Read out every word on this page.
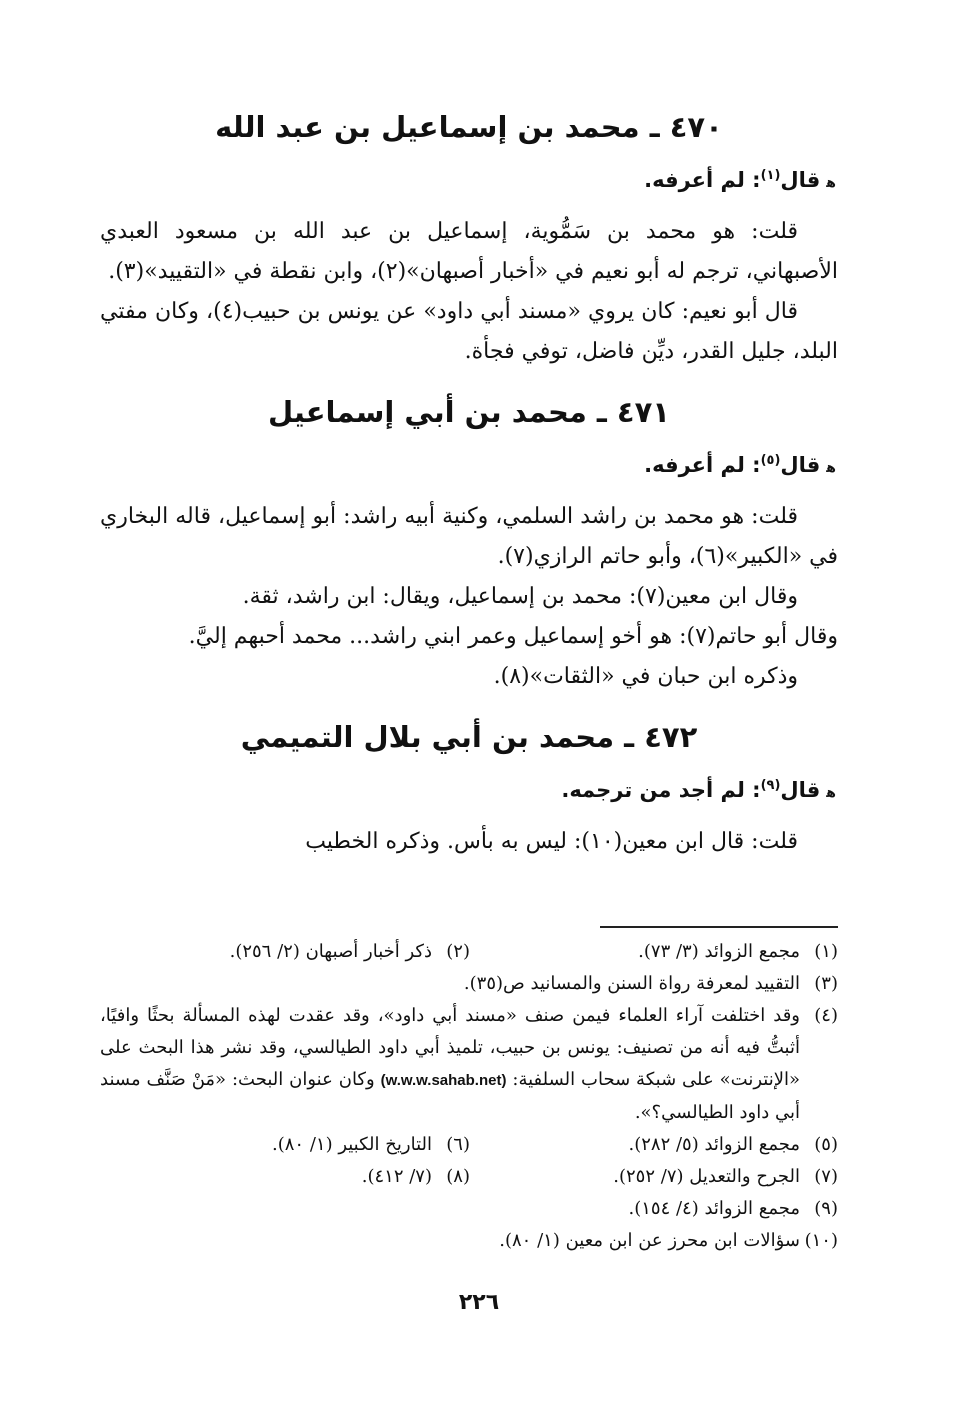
٤٧٠ ـ محمد بن إسماعيل بن عبد الله
ﻫقال$^{(١)}$: لم أعرفه.

قلت: هو محمد بن سَمُّوية، إسماعيل بن عبد الله بن مسعود العبدي الأصبهاني، ترجم له أبو نعيم في «أخبار أصبهان»(٢)، وابن نقطة في «التقييد»(٣).

قال أبو نعيم: كان يروي «مسند أبي داود» عن يونس بن حبيب(٤)، وكان مفتي البلد، جليل القدر، ديِّن فاضل، توفي فجأة.

٤٧١ ـ محمد بن أبي إسماعيل
ﻫقال$^{(٥)}$: لم أعرفه.

قلت: هو محمد بن راشد السلمي، وكنية أبيه راشد: أبو إسماعيل، قاله البخاري في «الكبير»(٦)، وأبو حاتم الرازي(٧).

وقال ابن معين(٧): محمد بن إسماعيل، ويقال: ابن راشد، ثقة.

وقال أبو حاتم(٧): هو أخو إسماعيل وعمر ابني راشد... محمد أحبهم إليَّ.

وذكره ابن حبان في «الثقات»(٨).

٤٧٢ ـ محمد بن أبي بلال التميمي
ﻫقال$^{(٩)}$: لم أجد من ترجمه.

قلت: قال ابن معين(١٠): ليس به بأس. وذكره الخطيب

(١)
مجمع الزوائد (٣/ ٧٣).
(٢)
ذكر أخبار أصبهان (٢/ ٢٥٦).
(٣)
التقييد لمعرفة رواة السنن والمسانيد ص(٣٥).
(٤)
وقد اختلفت آراء العلماء فيمن صنف «مسند أبي داود»، وقد عقدت لهذه المسألة بحثًا وافيًا، أثبتُّ فيه أنه من تصنيف: يونس بن حبيب، تلميذ أبي داود الطيالسي، وقد نشر هذا البحث على «الإنترنت» على شبكة سحاب السلفية: (w.w.w.sahab.net) وكان عنوان البحث: «مَنْ صَنَّف مسند أبي داود الطيالسي؟».
(٥)
مجمع الزوائد (٥/ ٢٨٢).
(٦)
التاريخ الكبير (١/ ٨٠).
(٧)
الجرح والتعديل (٧/ ٢٥٢).
(٨)
(٧/ ٤١٢).
(٩)
مجمع الزوائد (٤/ ١٥٤).
(١٠)
سؤالات ابن محرز عن ابن معين (١/ ٨٠).
٢٢٦
